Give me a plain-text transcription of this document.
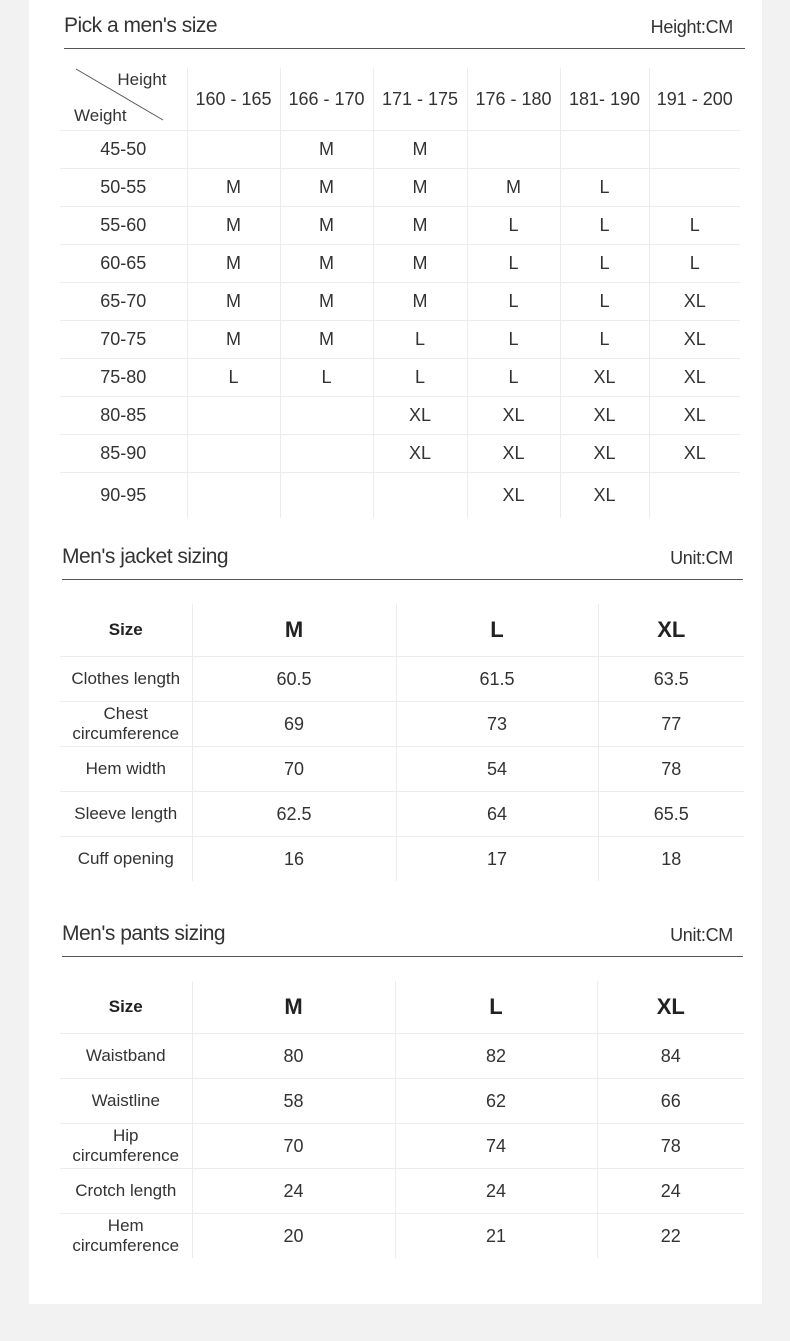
Pick a men's size	Height:CM
Height
Weight	160 - 165	166 - 170	171 - 175	176 - 180	181- 190	191 - 200
45-50		M	M			
50-55	M	M	M	M	L	
55-60	M	M	M	L	L	L
60-65	M	M	M	L	L	L
65-70	M	M	M	L	L	XL
70-75	M	M	L	L	L	XL
75-80	L	L	L	L	XL	XL
80-85			XL	XL	XL	XL
85-90			XL	XL	XL	XL
90-95				XL	XL	
Men's jacket sizing	Unit:CM
Size	M	L	XL
Clothes length	60.5	61.5	63.5

Chest
circumference	69	73	77
Hem width	70	54	78
Sleeve length	62.5	64	65.5
Cuff opening	16	17	18
Men's pants sizing	Unit:CM
Size	M	L	XL
Waistband	80	82	84
Waistline	58	62	66

Hip
circumference	70	74	78
Crotch length	24	24	24

Hem
circumference	20	21	22
